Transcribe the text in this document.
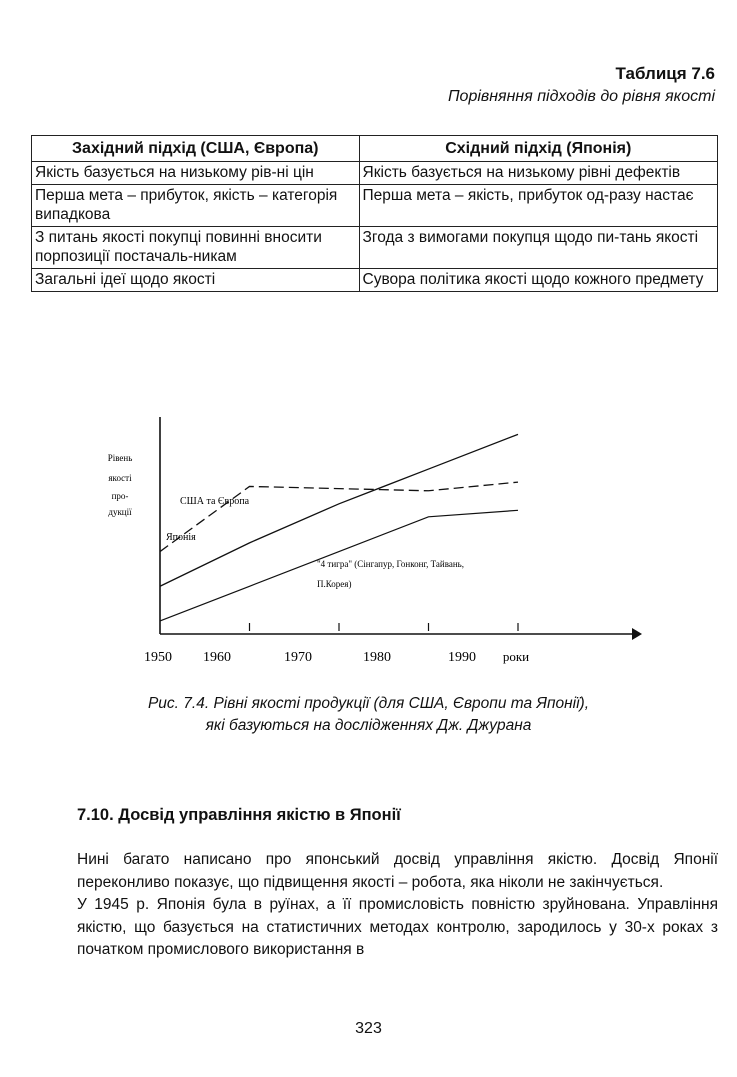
Таблиця 7.6
Порівняння підходів до рівня якості
Західний підхід (США, Європа)	Східний підхід (Японія)
Якість базується на низькому рів-ні цін	Якість базується на низькому рівні дефектів
Перша мета – прибуток, якість – категорія випадкова	Перша мета – якість, прибуток од-разу настає
З питань якості покупці повинні вносити порпозиції постачаль-никам	Згода з вимогами покупця щодо пи-тань якості
Загальні ідеї щодо якості	Сувора політика якості щодо кожного предмету
Рівень
якості
про-
дукції
США та Європа
Японія
"4 тигра" (Сінгапур, Гонконг, Тайвань,
П.Корея)
1950 1960	1970	1980	1990 роки
Рис. 7.4. Рівні якості продукції (для США, Європи та Японії),
які базуються на дослідженнях Дж. Джурана
7.10. Досвід управління якістю в Японії

Нині багато написано про японський досвід управління якістю. Досвід Японії переконливо показує, що підвищення якості – робота, яка ніколи не закінчується.

У 1945 р. Японія була в руїнах, а її промисловість повністю зруйнована. Управління якістю, що базується на статистичних методах контролю, зародилось у 30-х роках з початком промислового використання в

323
